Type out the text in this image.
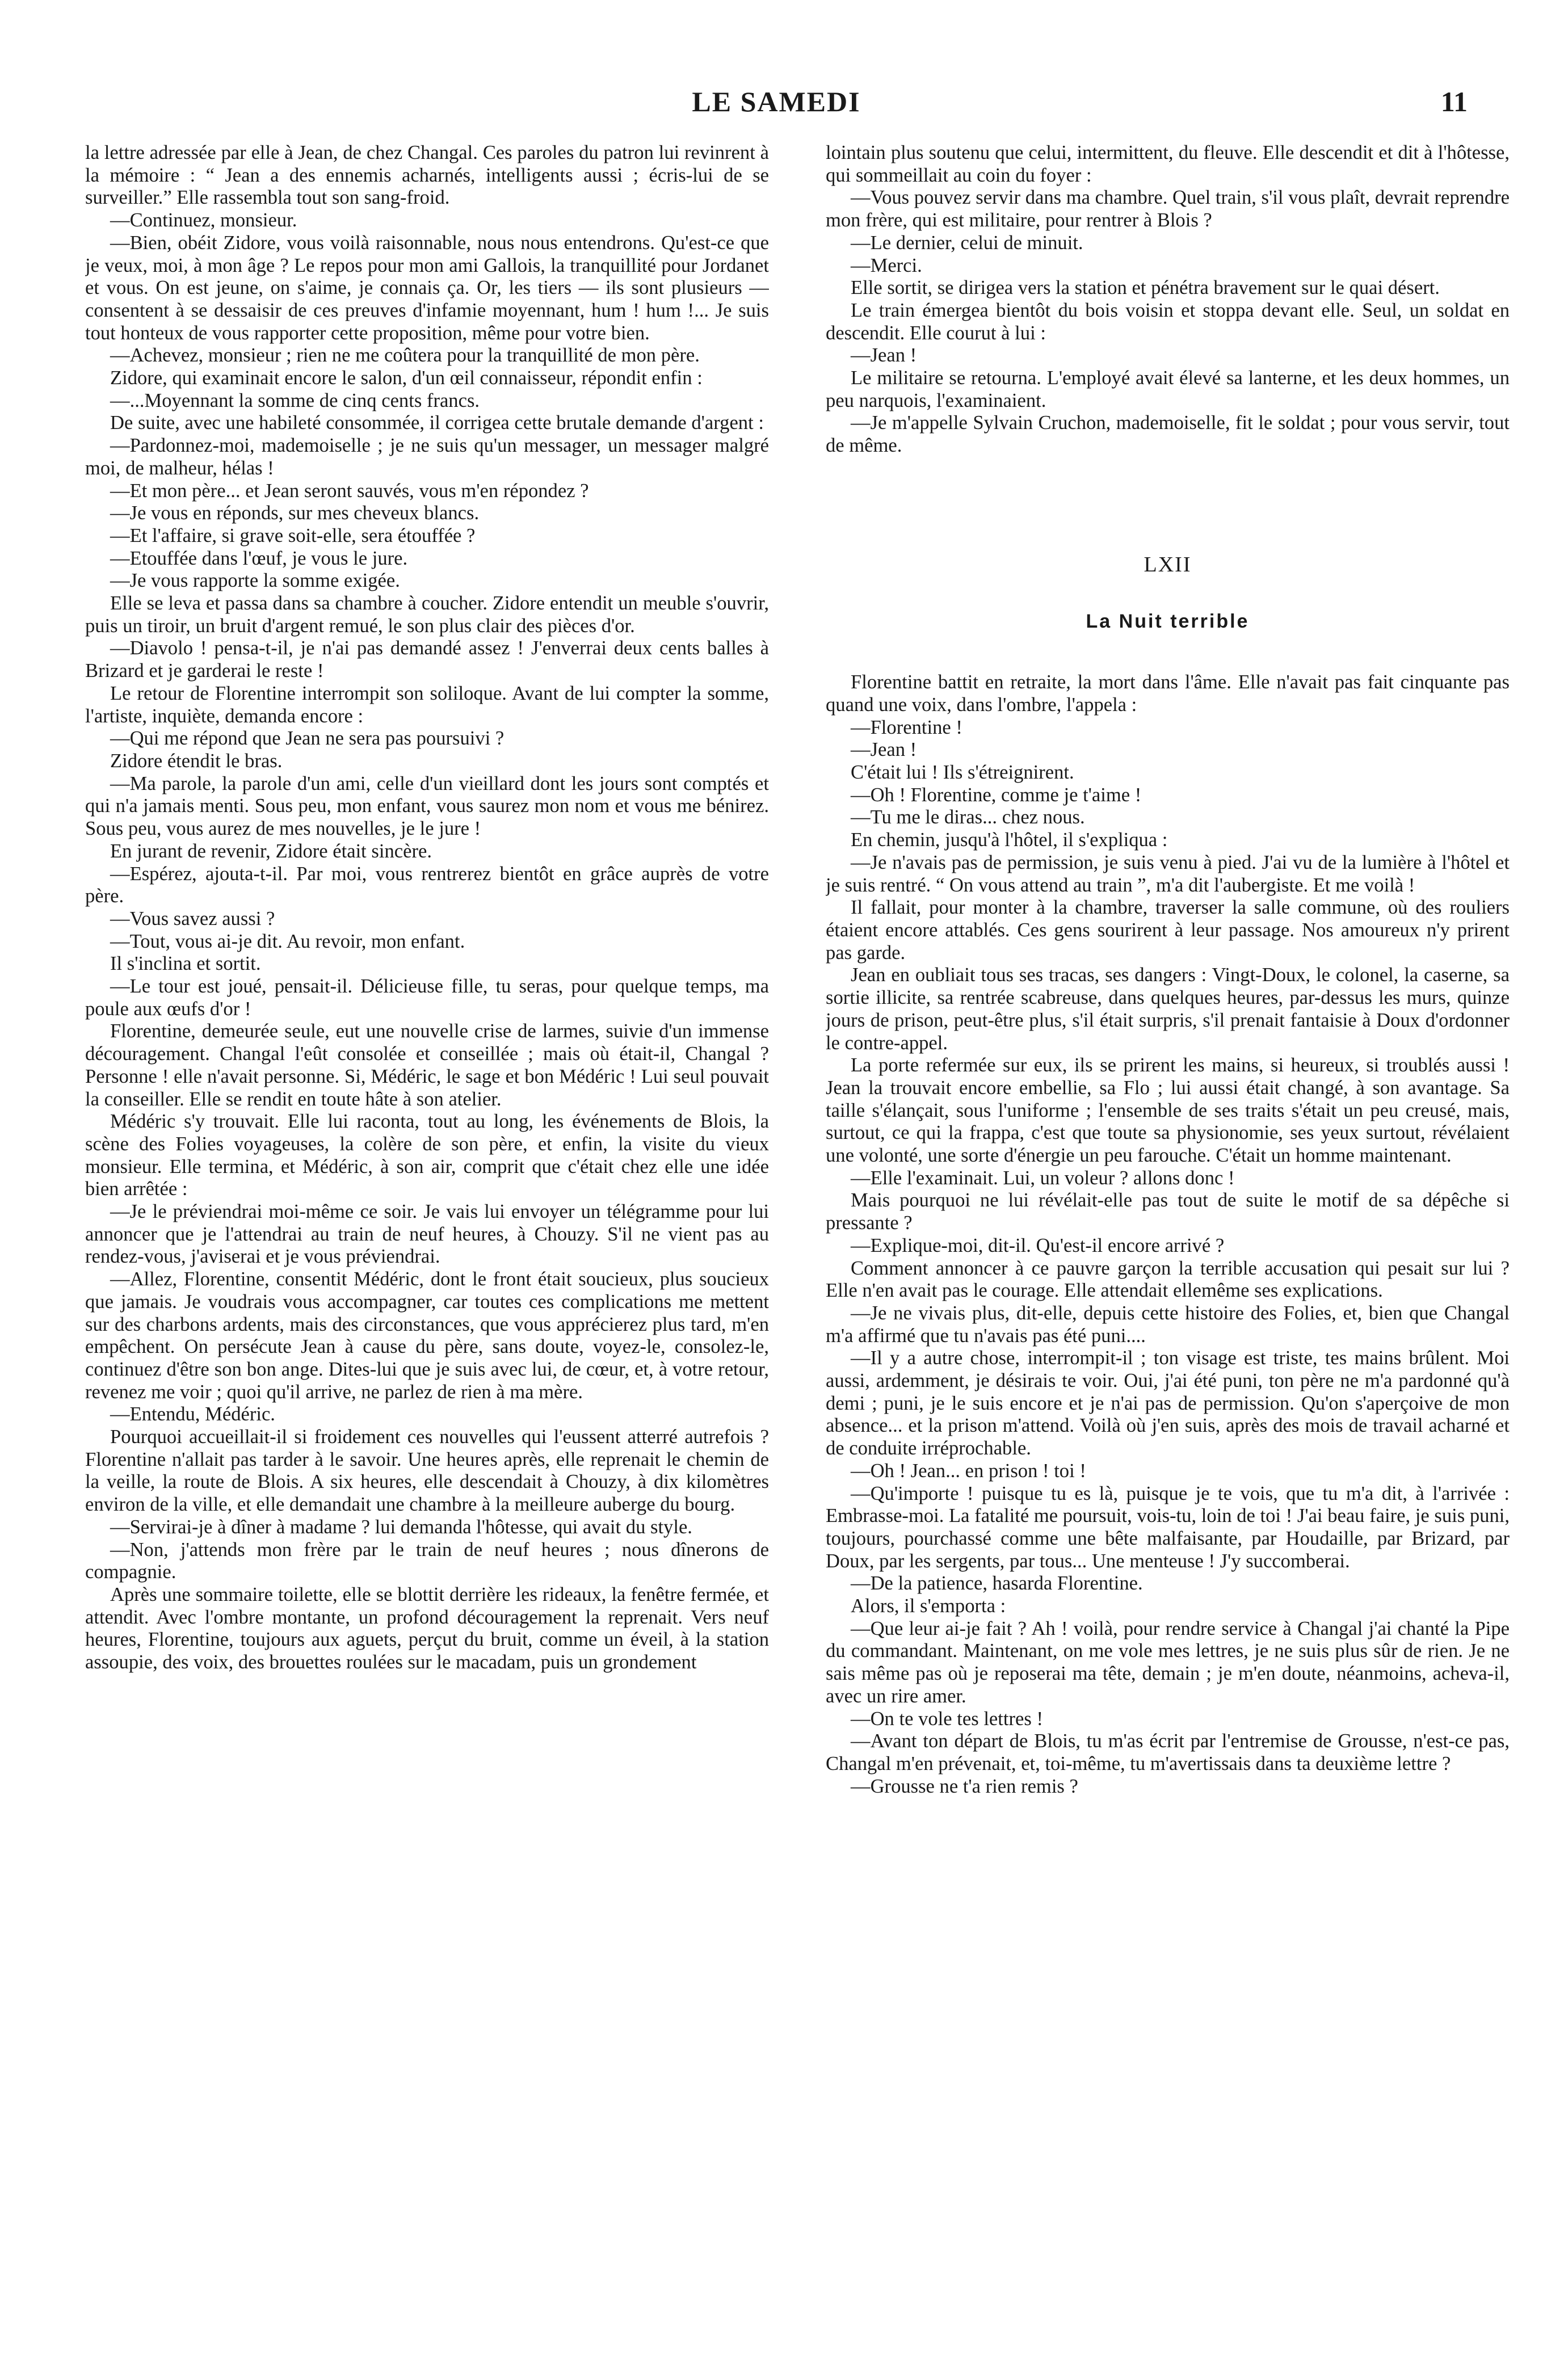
LE SAMEDI	11

la lettre adressée par elle à Jean, de chez Changal. Ces paroles du patron lui revinrent à la mémoire : “ Jean a des ennemis acharnés, intelligents aussi ; écris-lui de se surveiller.” Elle rassembla tout son sang-froid.

—Continuez, monsieur.

—Bien, obéit Zidore, vous voilà raisonnable, nous nous entendrons. Qu'est-ce que je veux, moi, à mon âge ? Le repos pour mon ami Gallois, la tranquillité pour Jordanet et vous. On est jeune, on s'aime, je connais ça. Or, les tiers — ils sont plusieurs — consentent à se dessaisir de ces preuves d'infamie moyennant, hum ! hum !... Je suis tout honteux de vous rapporter cette proposition, même pour votre bien.

—Achevez, monsieur ; rien ne me coûtera pour la tranquillité de mon père.

Zidore, qui examinait encore le salon, d'un œil connaisseur, répondit enfin :

—...Moyennant la somme de cinq cents francs.

De suite, avec une habileté consommée, il corrigea cette brutale demande d'argent :

—Pardonnez-moi, mademoiselle ; je ne suis qu'un messager, un messager malgré moi, de malheur, hélas !

—Et mon père... et Jean seront sauvés, vous m'en répondez ?

—Je vous en réponds, sur mes cheveux blancs.

—Et l'affaire, si grave soit-elle, sera étouffée ?

—Etouffée dans l'œuf, je vous le jure.

—Je vous rapporte la somme exigée.

Elle se leva et passa dans sa chambre à coucher. Zidore entendit un meuble s'ouvrir, puis un tiroir, un bruit d'argent remué, le son plus clair des pièces d'or.

—Diavolo ! pensa-t-il, je n'ai pas demandé assez ! J'enverrai deux cents balles à Brizard et je garderai le reste !

Le retour de Florentine interrompit son soliloque. Avant de lui compter la somme, l'artiste, inquiète, demanda encore :

—Qui me répond que Jean ne sera pas poursuivi ?

Zidore étendit le bras.

—Ma parole, la parole d'un ami, celle d'un vieillard dont les jours sont comptés et qui n'a jamais menti. Sous peu, mon enfant, vous saurez mon nom et vous me bénirez. Sous peu, vous aurez de mes nouvelles, je le jure !

En jurant de revenir, Zidore était sincère.

—Espérez, ajouta-t-il. Par moi, vous rentrerez bientôt en grâce auprès de votre père.

—Vous savez aussi ?

—Tout, vous ai-je dit. Au revoir, mon enfant.

Il s'inclina et sortit.

—Le tour est joué, pensait-il. Délicieuse fille, tu seras, pour quelque temps, ma poule aux œufs d'or !

Florentine, demeurée seule, eut une nouvelle crise de larmes, suivie d'un immense découragement. Changal l'eût consolée et conseillée ; mais où était-il, Changal ? Personne ! elle n'avait personne. Si, Médéric, le sage et bon Médéric ! Lui seul pouvait la conseiller. Elle se rendit en toute hâte à son atelier.

Médéric s'y trouvait. Elle lui raconta, tout au long, les événements de Blois, la scène des Folies voyageuses, la colère de son père, et enfin, la visite du vieux monsieur. Elle termina, et Médéric, à son air, comprit que c'était chez elle une idée bien arrêtée :

—Je le préviendrai moi-même ce soir. Je vais lui envoyer un télégramme pour lui annoncer que je l'attendrai au train de neuf heures, à Chouzy. S'il ne vient pas au rendez-vous, j'aviserai et je vous préviendrai.

—Allez, Florentine, consentit Médéric, dont le front était soucieux, plus soucieux que jamais. Je voudrais vous accompagner, car toutes ces complications me mettent sur des charbons ardents, mais des circonstances, que vous apprécierez plus tard, m'en empêchent. On persécute Jean à cause du père, sans doute, voyez-le, consolez-le, continuez d'être son bon ange. Dites-lui que je suis avec lui, de cœur, et, à votre retour, revenez me voir ; quoi qu'il arrive, ne parlez de rien à ma mère.

—Entendu, Médéric.

Pourquoi accueillait-il si froidement ces nouvelles qui l'eussent atterré autrefois ? Florentine n'allait pas tarder à le savoir. Une heures après, elle reprenait le chemin de la veille, la route de Blois. A six heures, elle descendait à Chouzy, à dix kilomètres environ de la ville, et elle demandait une chambre à la meilleure auberge du bourg.

—Servirai-je à dîner à madame ? lui demanda l'hôtesse, qui avait du style.

—Non, j'attends mon frère par le train de neuf heures ; nous dînerons de compagnie.

Après une sommaire toilette, elle se blottit derrière les rideaux, la fenêtre fermée, et attendit. Avec l'ombre montante, un profond découragement la reprenait. Vers neuf heures, Florentine, toujours aux aguets, perçut du bruit, comme un éveil, à la station assoupie, des voix, des brouettes roulées sur le macadam, puis un grondement

lointain plus soutenu que celui, intermittent, du fleuve. Elle descendit et dit à l'hôtesse, qui sommeillait au coin du foyer :

—Vous pouvez servir dans ma chambre. Quel train, s'il vous plaît, devrait reprendre mon frère, qui est militaire, pour rentrer à Blois ?

—Le dernier, celui de minuit.

—Merci.

Elle sortit, se dirigea vers la station et pénétra bravement sur le quai désert.

Le train émergea bientôt du bois voisin et stoppa devant elle. Seul, un soldat en descendit. Elle courut à lui :

—Jean !

Le militaire se retourna. L'employé avait élevé sa lanterne, et les deux hommes, un peu narquois, l'examinaient.

—Je m'appelle Sylvain Cruchon, mademoiselle, fit le soldat ; pour vous servir, tout de même.

LXII
La Nuit terrible

Florentine battit en retraite, la mort dans l'âme. Elle n'avait pas fait cinquante pas quand une voix, dans l'ombre, l'appela :

—Florentine !

—Jean !

C'était lui ! Ils s'étreignirent.

—Oh ! Florentine, comme je t'aime !

—Tu me le diras... chez nous.

En chemin, jusqu'à l'hôtel, il s'expliqua :

—Je n'avais pas de permission, je suis venu à pied. J'ai vu de la lumière à l'hôtel et je suis rentré. “ On vous attend au train ”, m'a dit l'aubergiste. Et me voilà !

Il fallait, pour monter à la chambre, traverser la salle commune, où des rouliers étaient encore attablés. Ces gens sourirent à leur passage. Nos amoureux n'y prirent pas garde.

Jean en oubliait tous ses tracas, ses dangers : Vingt-Doux, le colonel, la caserne, sa sortie illicite, sa rentrée scabreuse, dans quelques heures, par-dessus les murs, quinze jours de prison, peut-être plus, s'il était surpris, s'il prenait fantaisie à Doux d'ordonner le contre-appel.

La porte refermée sur eux, ils se prirent les mains, si heureux, si troublés aussi ! Jean la trouvait encore embellie, sa Flo ; lui aussi était changé, à son avantage. Sa taille s'élançait, sous l'uniforme ; l'ensemble de ses traits s'était un peu creusé, mais, surtout, ce qui la frappa, c'est que toute sa physionomie, ses yeux surtout, révélaient une volonté, une sorte d'énergie un peu farouche. C'était un homme maintenant.

—Elle l'examinait. Lui, un voleur ? allons donc !

Mais pourquoi ne lui révélait-elle pas tout de suite le motif de sa dépêche si pressante ?

—Explique-moi, dit-il. Qu'est-il encore arrivé ?

Comment annoncer à ce pauvre garçon la terrible accusation qui pesait sur lui ? Elle n'en avait pas le courage. Elle attendait ellemême ses explications.

—Je ne vivais plus, dit-elle, depuis cette histoire des Folies, et, bien que Changal m'a affirmé que tu n'avais pas été puni....

—Il y a autre chose, interrompit-il ; ton visage est triste, tes mains brûlent. Moi aussi, ardemment, je désirais te voir. Oui, j'ai été puni, ton père ne m'a pardonné qu'à demi ; puni, je le suis encore et je n'ai pas de permission. Qu'on s'aperçoive de mon absence... et la prison m'attend. Voilà où j'en suis, après des mois de travail acharné et de conduite irréprochable.

—Oh ! Jean... en prison ! toi !

—Qu'importe ! puisque tu es là, puisque je te vois, que tu m'a dit, à l'arrivée : Embrasse-moi. La fatalité me poursuit, vois-tu, loin de toi ! J'ai beau faire, je suis puni, toujours, pourchassé comme une bête malfaisante, par Houdaille, par Brizard, par Doux, par les sergents, par tous... Une menteuse ! J'y succomberai.

—De la patience, hasarda Florentine.

Alors, il s'emporta :

—Que leur ai-je fait ? Ah ! voilà, pour rendre service à Changal j'ai chanté la Pipe du commandant. Maintenant, on me vole mes lettres, je ne suis plus sûr de rien. Je ne sais même pas où je reposerai ma tête, demain ; je m'en doute, néanmoins, acheva-il, avec un rire amer.

—On te vole tes lettres !

—Avant ton départ de Blois, tu m'as écrit par l'entremise de Grousse, n'est-ce pas, Changal m'en prévenait, et, toi-même, tu m'avertissais dans ta deuxième lettre ?

—Grousse ne t'a rien remis ?
